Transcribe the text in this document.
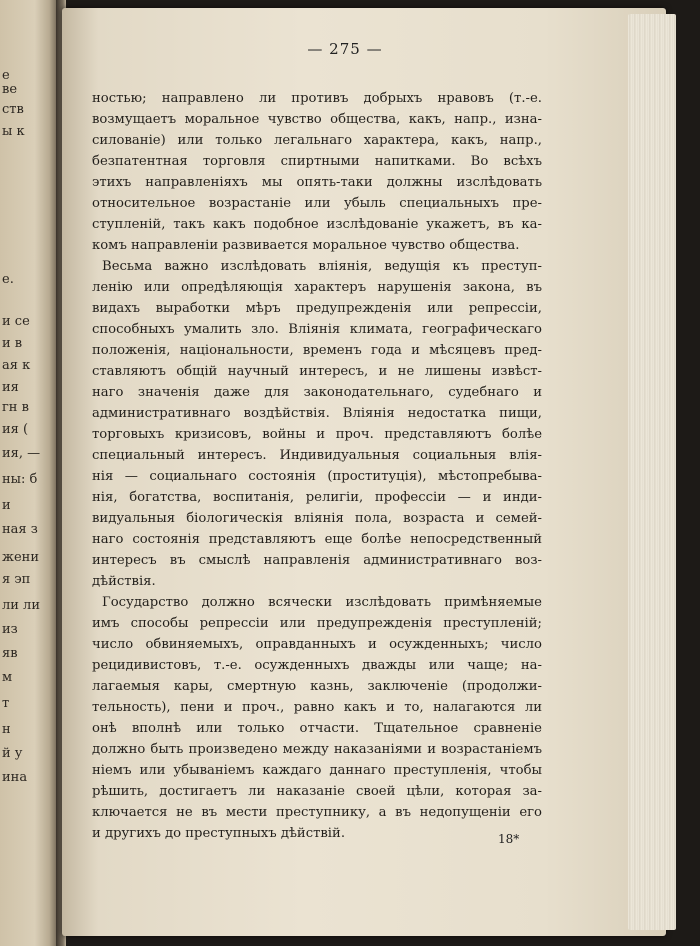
e
ве
ств
ы к
e.
и ce
и в
ая к
ия
гн в
ия (
ия, —
ны: б
и
ная з
жени
я эп
ли ли
из
яв
м
т
н
й у
ина
— 275 —
ностью; направлено ли противъ добрыхъ нравовъ (т.-е.
возмущаетъ моральное чувство общества, какъ, напр., изна-
силованiе) или только легальнаго характера, какъ, напр.,
безпатентная торговля спиртными напитками. Во всѣхъ
этихъ направленiяхъ мы опять-таки должны изслѣдовать
относительное возрастанiе или убыль специальныхъ пре-
ступленiй, такъ какъ подобное изслѣдованiе укажетъ, въ ка-
комъ направленiи развивается моральное чувство общества.
Весьма важно изслѣдовать влiянiя, ведущiя къ преступ-
ленiю или опредѣляющiя характеръ нарушенiя закона, въ
видахъ выработки мѣръ предупрежденiя или репрессiи,
способныхъ умалить зло. Влiянiя климата, географическаго
положенiя, нацiональности, временъ года и мѣсяцевъ пред-
ставляютъ общiй научный интересъ, и не лишены извѣст-
наго значенiя даже для законодательнаго, судебнаго и
административнаго воздѣйствiя. Влiянiя недостатка пищи,
торговыхъ кризисовъ, войны и проч. представляютъ болѣе
специальный интересъ. Индивидуальныя социальныя влiя-
нiя — социальнаго состоянiя (проституцiя), мѣстопребыва-
нiя, богатства, воспитанiя, религiи, профессiи — и инди-
видуальныя бiологическiя влiянiя пола, возраста и семей-
наго состоянiя представляютъ еще болѣе непосредственный
интересъ въ смыслѣ направленiя административнаго воз-
дѣйствiя.
Государство должно всячески изслѣдовать примѣняемые
имъ способы репрессiи или предупрежденiя преступленiй;
число обвиняемыхъ, оправданныхъ и осужденныхъ; число
рецидивистовъ, т.-е. осужденныхъ дважды или чаще; на-
лагаемыя кары, смертную казнь, заключенiе (продолжи-
тельность), пени и проч., равно какъ и то, налагаются ли
онѣ вполнѣ или только отчасти. Тщательное сравненiе
должно быть произведено между наказанiями и возрастанiемъ
нiемъ или убыванiемъ каждаго даннаго преступленiя, чтобы
рѣшить, достигаетъ ли наказанiе своей цѣли, которая за-
ключается не въ мести преступнику, а въ недопущенiи его
и другихъ до преступныхъ дѣйствiй.	18*
